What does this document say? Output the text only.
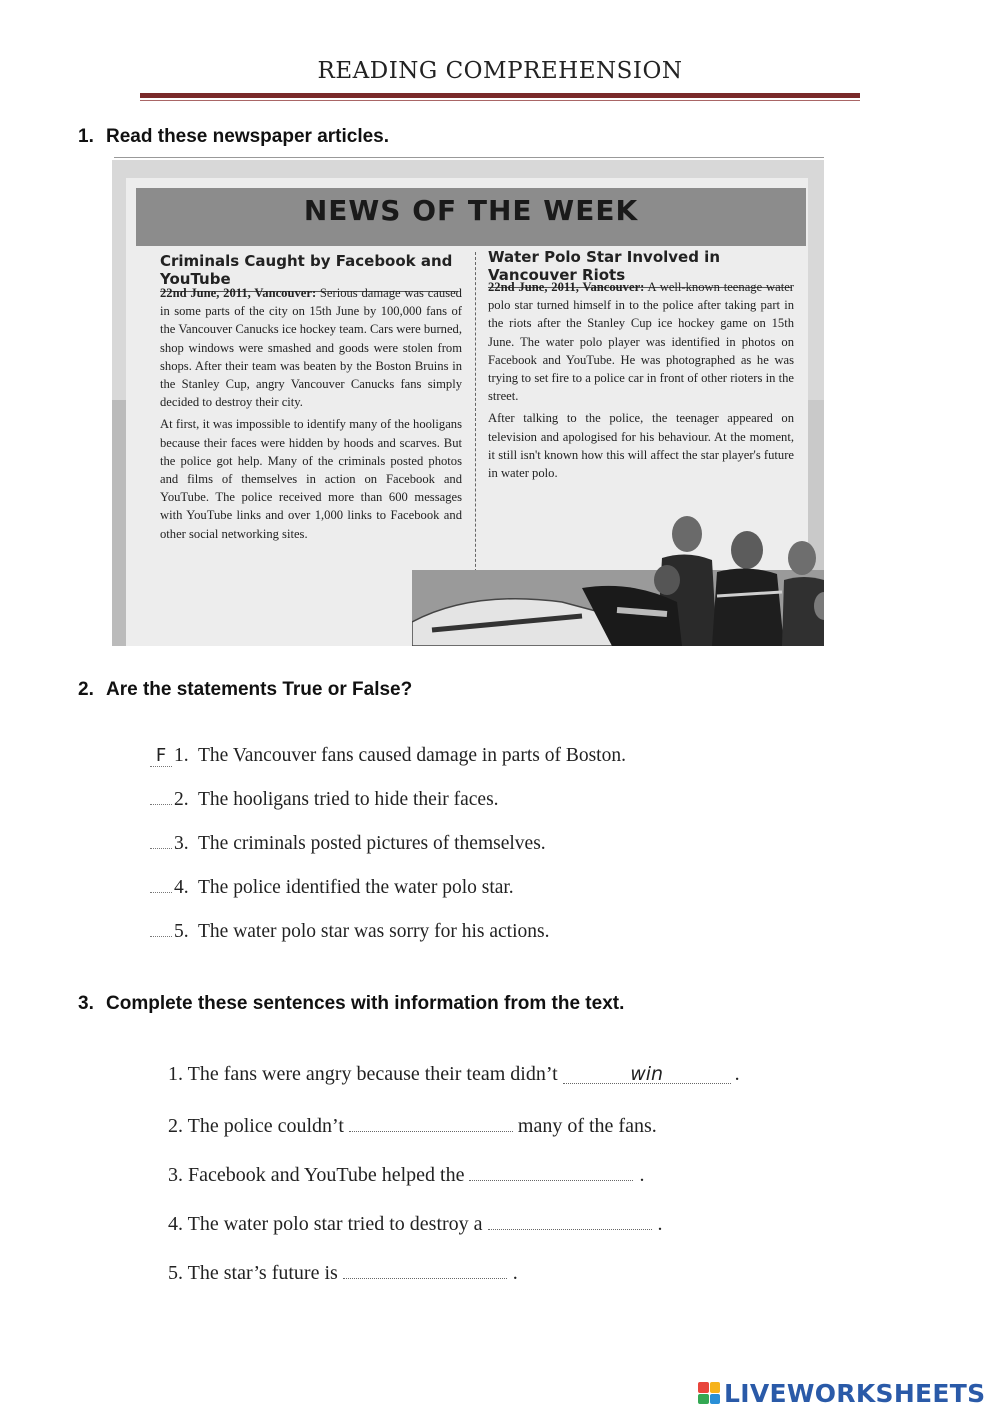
READING COMPREHENSION
1. Read these newspaper articles.
NEWS OF THE WEEK
Criminals Caught by Facebook and YouTube

22nd June, 2011, Vancouver: Serious damage was caused in some parts of the city on 15th June by 100,000 fans of the Vancouver Canucks ice hockey team. Cars were burned, shop windows were smashed and goods were stolen from shops. After their team was beaten by the Boston Bruins in the Stanley Cup, angry Vancouver Canucks fans simply decided to destroy their city.

At first, it was impossible to identify many of the hooligans because their faces were hidden by hoods and scarves. But the police got help. Many of the criminals posted photos and films of themselves in action on Facebook and YouTube. The police received more than 600 messages with YouTube links and over 1,000 links to Facebook and other social networking sites.

Water Polo Star Involved in Vancouver Riots

22nd June, 2011, Vancouver: A well-known teenage water polo star turned himself in to the police after taking part in the riots after the Stanley Cup ice hockey game on 15th June. The water polo player was identified in photos on Facebook and YouTube. He was photographed as he was trying to set fire to a police car in front of other rioters in the street.

After talking to the police, the teenager appeared on television and apologised for his behaviour. At the moment, it still isn't known how this will affect the star player's future in water polo.

2. Are the statements True or False?
F 1. The Vancouver fans caused damage in parts of Boston.
2. The hooligans tried to hide their faces.
3. The criminals posted pictures of themselves.
4. The police identified the water polo star.
5. The water polo star was sorry for his actions.
3. Complete these sentences with information from the text.
1. The fans were angry because their team didn’t	win	.
2. The police couldn’t	many of the fans.
3. Facebook and YouTube helped the	.
4. The water polo star tried to destroy a	.
5. The star’s future is	.
LIVEWORKSHEETS
